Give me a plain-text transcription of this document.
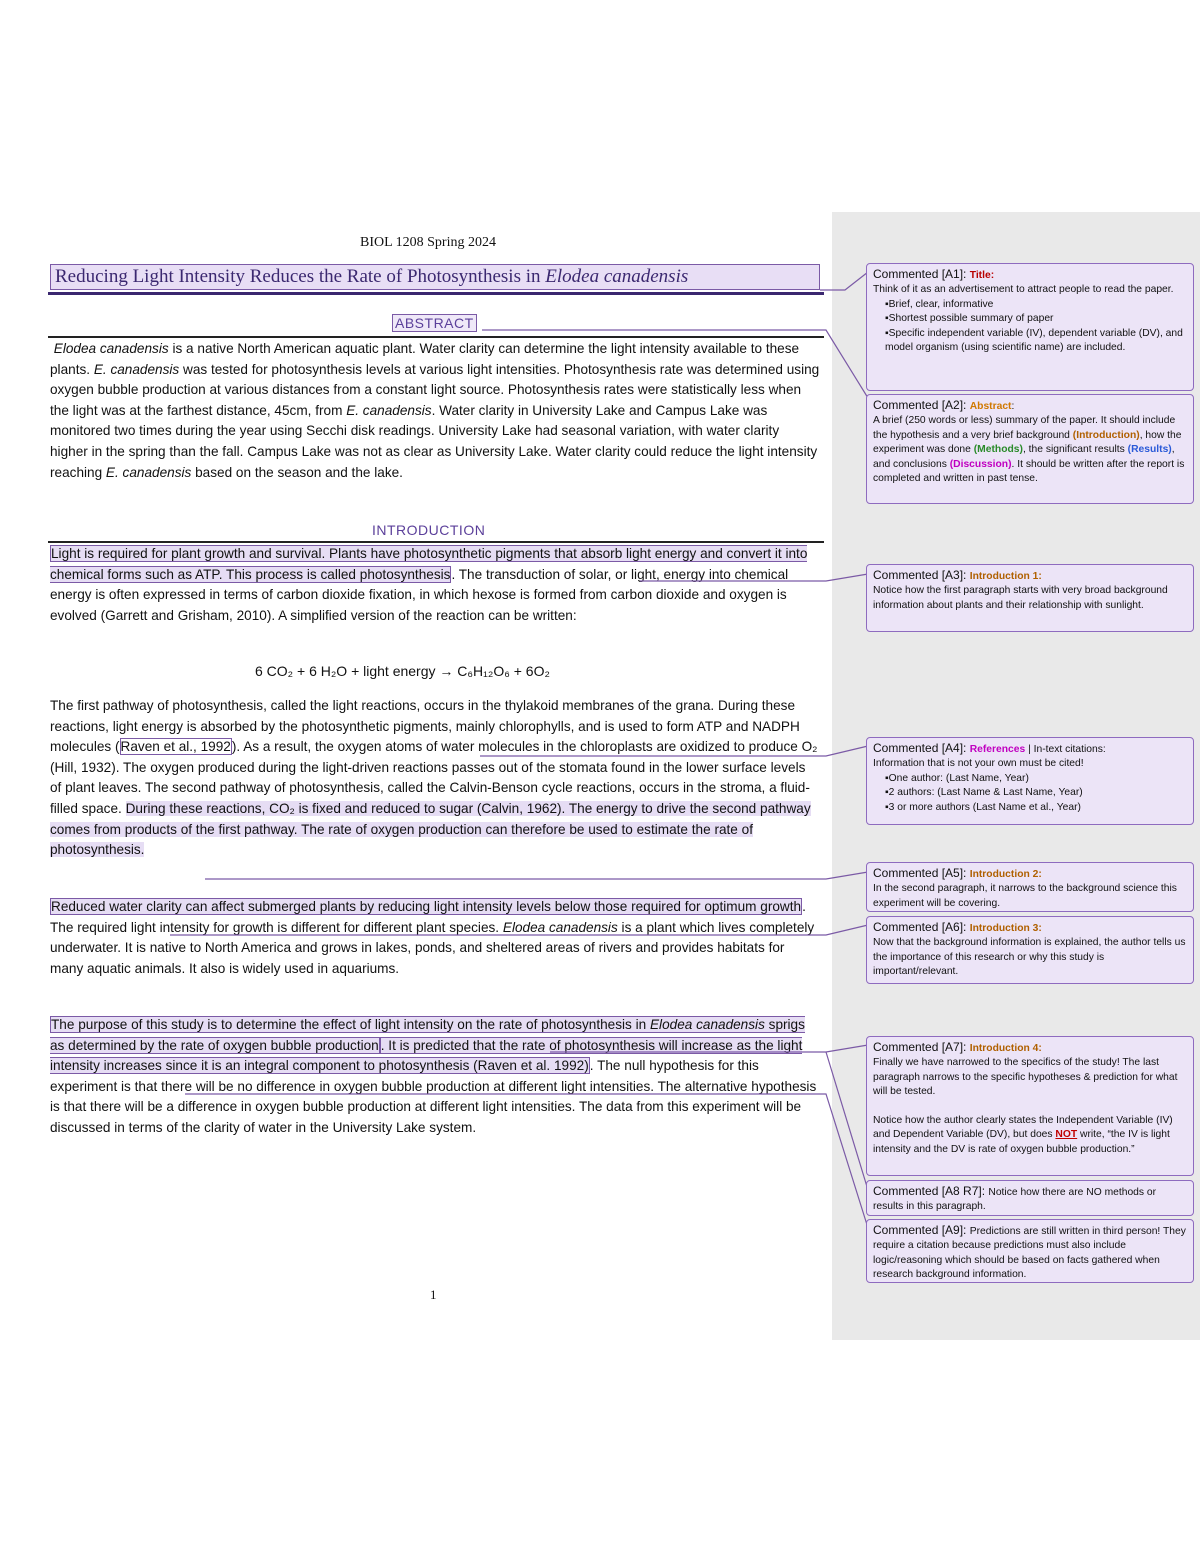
BIOL 1208 Spring 2024
Reducing Light Intensity Reduces the Rate of Photosynthesis in Elodea canadensis
ABSTRACT
Elodea canadensis is a native North American aquatic plant. Water clarity can determine the light intensity available to these plants. E. canadensis was tested for photosynthesis levels at various light intensities. Photosynthesis rate was determined using oxygen bubble production at various distances from a constant light source. Photosynthesis rates were statistically less when the light was at the farthest distance, 45cm, from E. canadensis. Water clarity in University Lake and Campus Lake was monitored two times during the year using Secchi disk readings. University Lake had seasonal variation, with water clarity higher in the spring than the fall. Campus Lake was not as clear as University Lake. Water clarity could reduce the light intensity reaching E. canadensis based on the season and the lake.
INTRODUCTION
Light is required for plant growth and survival. Plants have photosynthetic pigments that absorb light energy and convert it into chemical forms such as ATP. This process is called photosynthesis. The transduction of solar, or light, energy into chemical energy is often expressed in terms of carbon dioxide fixation, in which hexose is formed from carbon dioxide and oxygen is evolved (Garrett and Grisham, 2010). A simplified version of the reaction can be written:
6 CO₂ + 6 H₂O + light energy → C₆H₁₂O₆ + 6O₂
The first pathway of photosynthesis, called the light reactions, occurs in the thylakoid membranes of the grana. During these reactions, light energy is absorbed by the photosynthetic pigments, mainly chlorophylls, and is used to form ATP and NADPH molecules (Raven et al., 1992). As a result, the oxygen atoms of water molecules in the chloroplasts are oxidized to produce O₂ (Hill, 1932). The oxygen produced during the light-driven reactions passes out of the stomata found in the lower surface levels of plant leaves. The second pathway of photosynthesis, called the Calvin-Benson cycle reactions, occurs in the stroma, a fluid-filled space. During these reactions, CO₂ is fixed and reduced to sugar (Calvin, 1962). The energy to drive the second pathway comes from products of the first pathway. The rate of oxygen production can therefore be used to estimate the rate of photosynthesis.
Reduced water clarity can affect submerged plants by reducing light intensity levels below those required for optimum growth. The required light intensity for growth is different for different plant species. Elodea canadensis is a plant which lives completely underwater. It is native to North America and grows in lakes, ponds, and sheltered areas of rivers and provides habitats for many aquatic animals. It also is widely used in aquariums.
The purpose of this study is to determine the effect of light intensity on the rate of photosynthesis in Elodea canadensis sprigs as determined by the rate of oxygen bubble production . It is predicted that the rate of photosynthesis will increase as the light intensity increases since it is an integral component to photosynthesis (Raven et al. 1992). The null hypothesis for this experiment is that there will be no difference in oxygen bubble production at different light intensities. The alternative hypothesis is that there will be a difference in oxygen bubble production at different light intensities. The data from this experiment will be discussed in terms of the clarity of water in the University Lake system.
1
Commented [A1]: Title:
Think of it as an advertisement to attract people to read the paper.
▪Brief, clear, informative
▪Shortest possible summary of paper
▪Specific independent variable (IV), dependent variable (DV), and model organism (using scientific name) are included.
Commented [A2]: Abstract:
A brief (250 words or less) summary of the paper. It should include the hypothesis and a very brief background (Introduction), how the experiment was done (Methods), the significant results (Results), and conclusions (Discussion). It should be written after the report is completed and written in past tense.
Commented [A3]: Introduction 1:
Notice how the first paragraph starts with very broad background information about plants and their relationship with sunlight.
Commented [A4]: References | In-text citations:
Information that is not your own must be cited!
▪One author: (Last Name, Year)
▪2 authors: (Last Name & Last Name, Year)
▪3 or more authors (Last Name et al., Year)
Commented [A5]: Introduction 2:
In the second paragraph, it narrows to the background science this experiment will be covering.
Commented [A6]: Introduction 3:
Now that the background information is explained, the author tells us the importance of this research or why this study is important/relevant.
Commented [A7]: Introduction 4:
Finally we have narrowed to the specifics of the study! The last paragraph narrows to the specific hypotheses & prediction for what will be tested.

Notice how the author clearly states the Independent Variable (IV) and Dependent Variable (DV), but does NOT write, “the IV is light intensity and the DV is rate of oxygen bubble production.”
Commented [A8 R7]: Notice how there are NO methods or results in this paragraph.
Commented [A9]: Predictions are still written in third person! They require a citation because predictions must also include logic/reasoning which should be based on facts gathered when research background information.
